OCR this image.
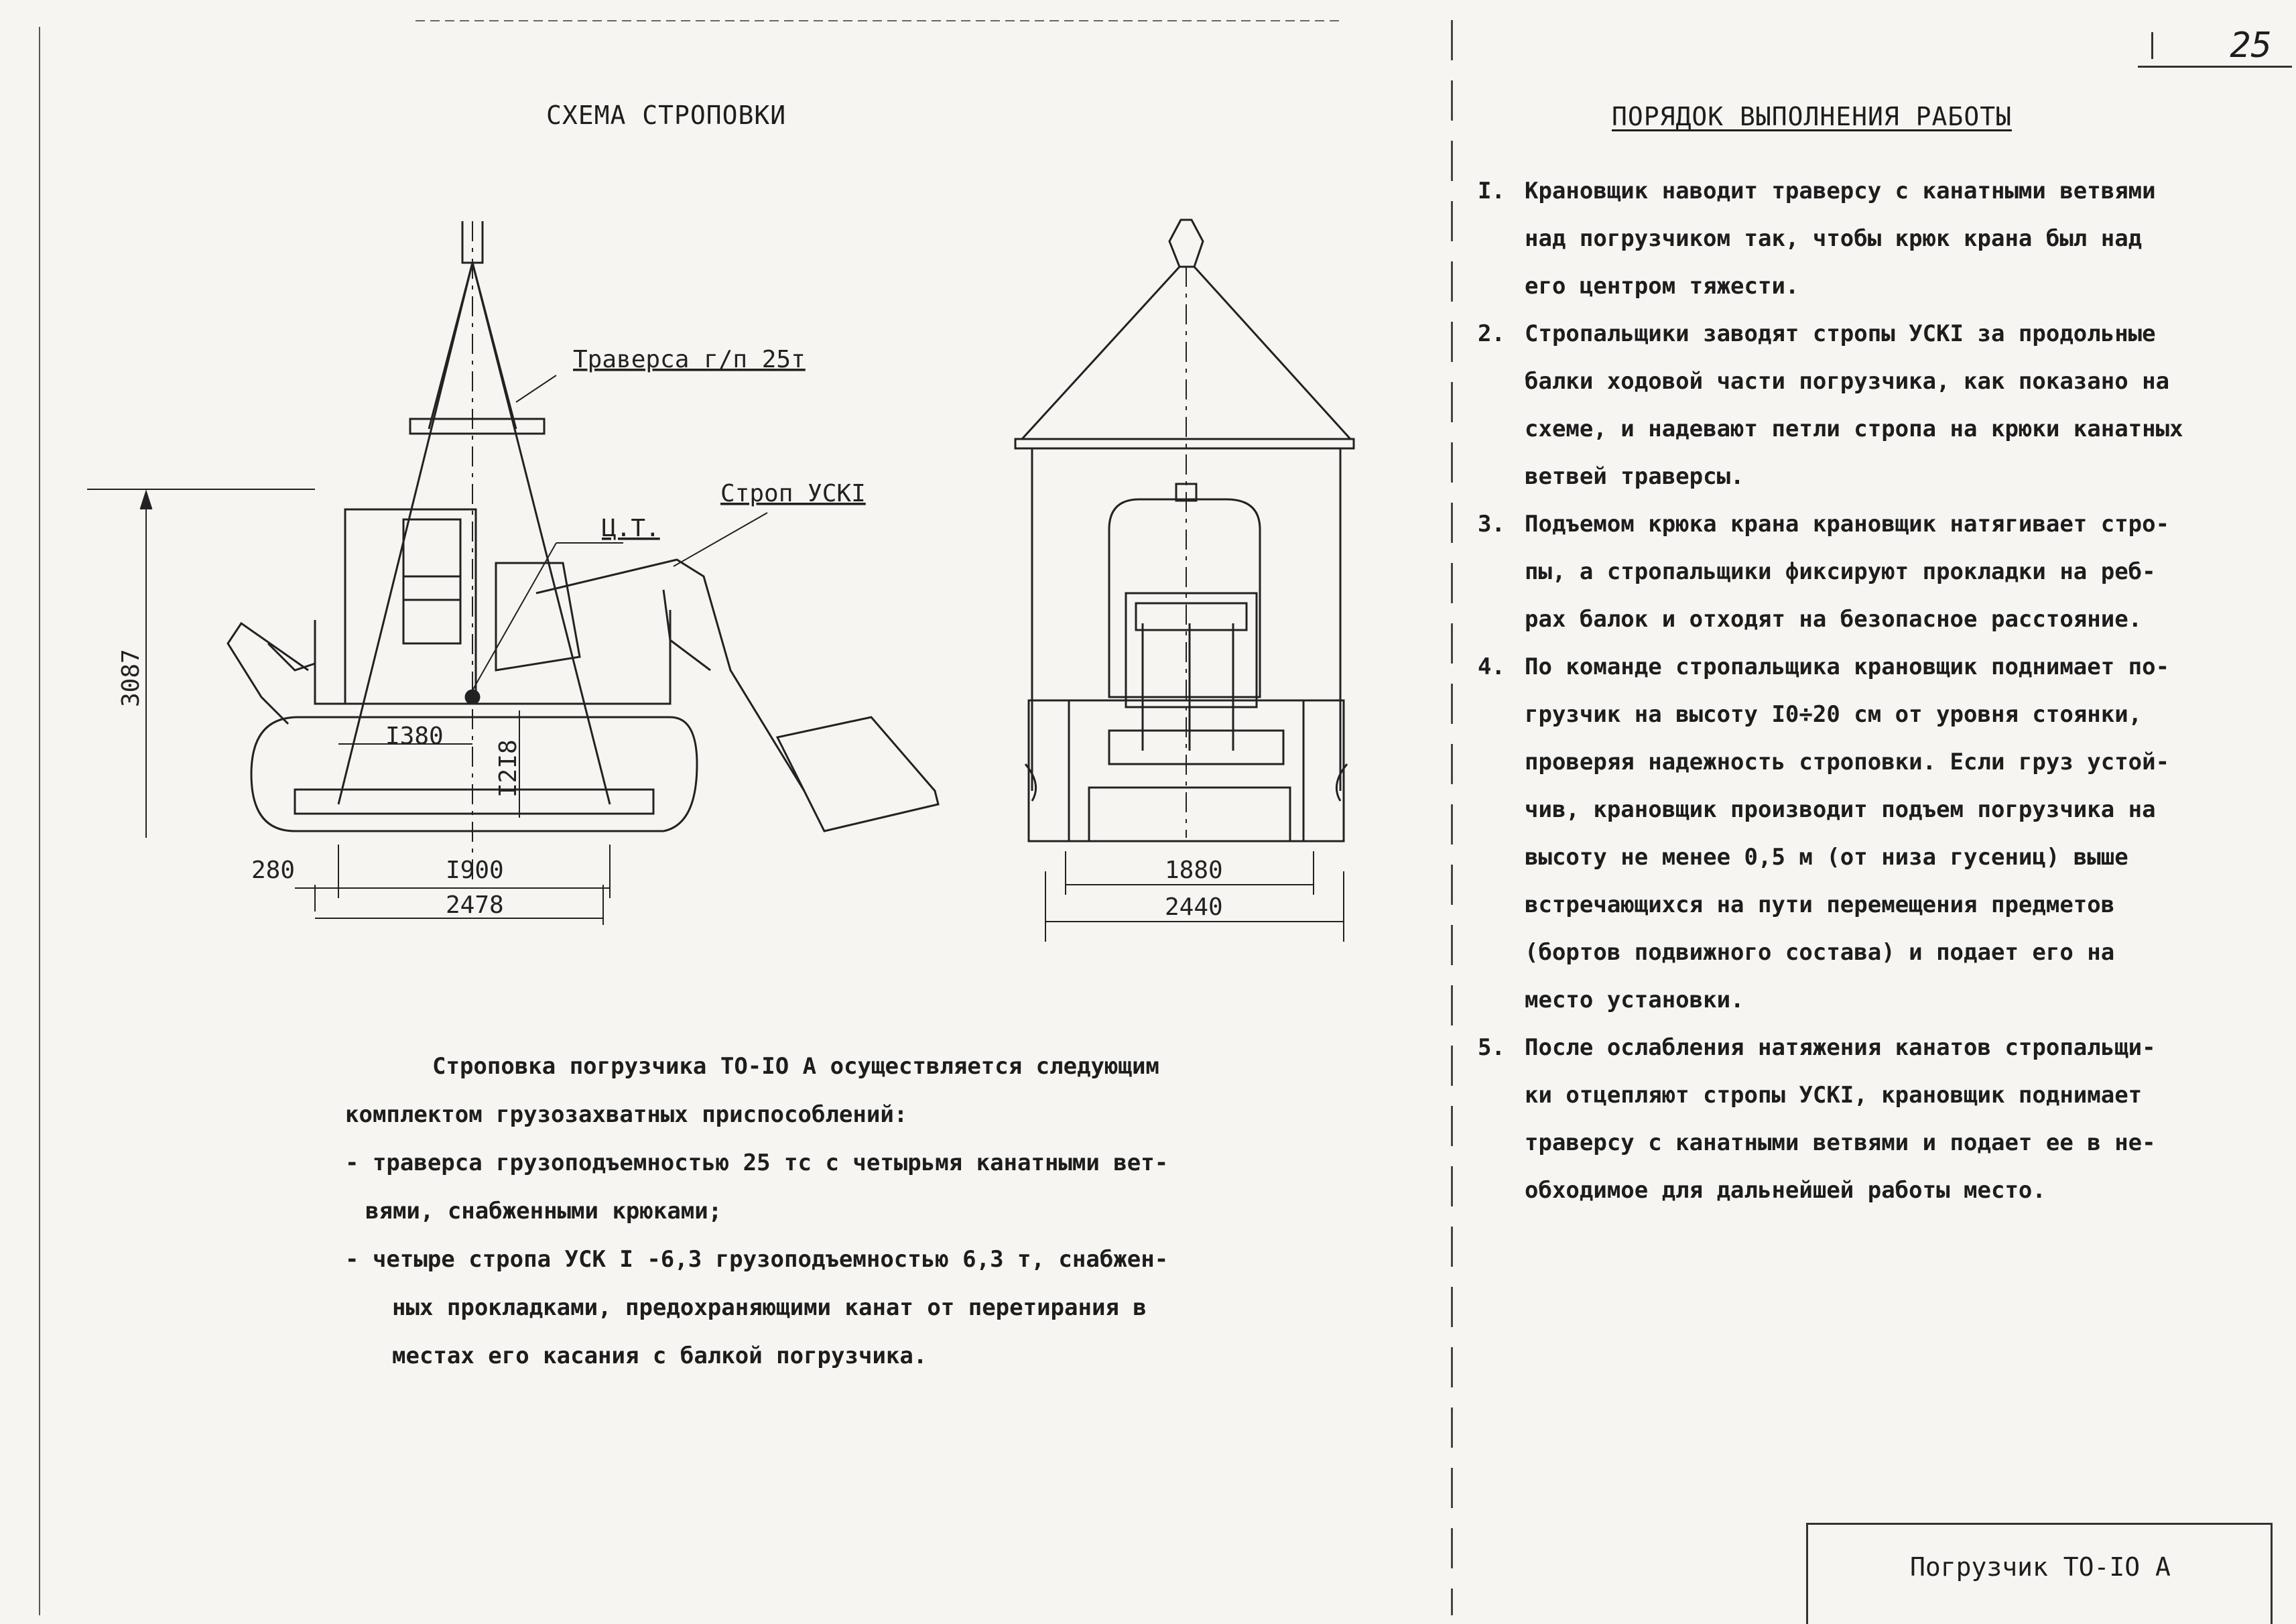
25
СХЕМА СТРОПОВКИ	ПОРЯДОК ВЫПОЛНЕНИЯ РАБОТЫ
Траверса г/п 25т
Строп УСКI
Ц.Т.
3087
I380
I2I8
280	I900
2478
1880
2440

Строповка погрузчика ТО-IO А осуществляется следующим

комплектом грузозахватных приспособлений:

- траверса грузоподъемностью 25 тс с четырьмя канатными вет-

вями, снабженными крюками;

- четыре стропа УСК I -6,3 грузоподъемностью 6,3 т, снабжен-

ных прокладками, предохраняющими канат от перетирания в

местах его касания с балкой погрузчика.

I. Крановщик наводит траверсу с канатными ветвями
над погрузчиком так, чтобы крюк крана был над
его центром тяжести.
2. Стропальщики заводят стропы УСКI за продольные
балки ходовой части погрузчика, как показано на
схеме, и надевают петли стропа на крюки канатных
ветвей траверсы.
3. Подъемом крюка крана крановщик натягивает стро-
пы, а стропальщики фиксируют прокладки на реб-
рах балок и отходят на безопасное расстояние.
4. По команде стропальщика крановщик поднимает по-
грузчик на высоту I0÷20 см от уровня стоянки,
проверяя надежность строповки. Если груз устой-
чив, крановщик производит подъем погрузчика на
высоту не менее 0,5 м (от низа гусениц) выше
встречающихся на пути перемещения предметов
(бортов подвижного состава) и подает его на
место установки.
5. После ослабления натяжения канатов стропальщи-
ки отцепляют стропы УСКI, крановщик поднимает
траверсу с канатными ветвями и подает ее в не-
обходимое для дальнейшей работы место.
Погрузчик ТО-IO А
